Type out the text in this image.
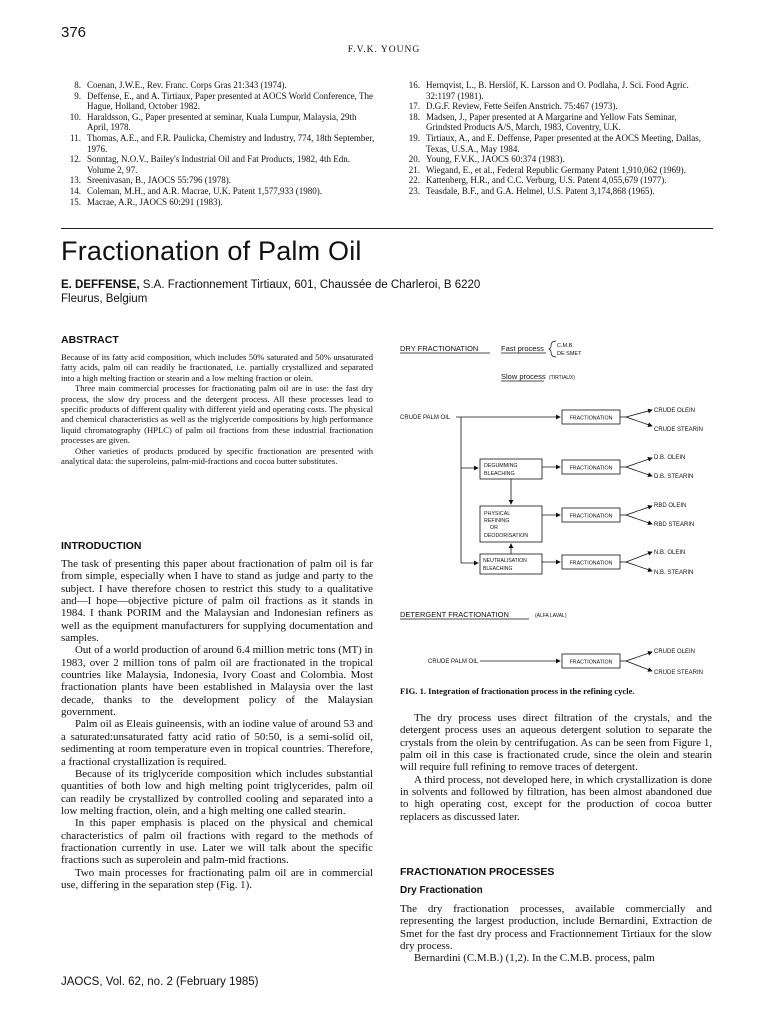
376
F.V.K. YOUNG
8. Coenan, J.W.E., Rev. Franc. Corps Gras 21:343 (1974).
9. Deffense, E., and A. Tirtiaux, Paper presented at AOCS World Conference, The Hague, Holland, October 1982.
10. Haraldsson, G., Paper presented at seminar, Kuala Lumpur, Malaysia, 29th April, 1978.
11. Thomas, A.E., and F.R. Paulicka, Chemistry and Industry, 774, 18th September, 1976.
12. Sonntag, N.O.V., Bailey's Industrial Oil and Fat Products, 1982, 4th Edn. Volume 2, 97.
13. Sreenivasan, B., JAOCS 55:796 (1978).
14. Coleman, M.H., and A.R. Macrae, U.K. Patent 1,577,933 (1980).
15. Macrae, A.R., JAOCS 60:291 (1983).
16. Hernqvist, L., B. Herslöf, K. Larsson and O. Podlaha, J. Sci. Food Agric. 32:1197 (1981).
17. D.G.F. Review, Fette Seifen Anstrich. 75:467 (1973).
18. Madsen, J., Paper presented at A Margarine and Yellow Fats Seminar, Grindsted Products A/S, March, 1983, Coventry, U.K.
19. Tirtiaux, A., and E. Deffense, Paper presented at the AOCS Meeting, Dallas, Texas, U.S.A., May 1984.
20. Young, F.V.K., JAOCS 60:374 (1983).
21. Wiegand, E., et al., Federal Republic Germany Patent 1,910,062 (1969).
22. Kattenberg, H.R., and C.C. Verburg, U.S. Patent 4,055,679 (1977).
23. Teasdale, B.F., and G.A. Helmel, U.S. Patent 3,174,868 (1965).
Fractionation of Palm Oil
E. DEFFENSE, S.A. Fractionnement Tirtiaux, 601, Chaussée de Charleroi, B 6220
Fleurus, Belgium
ABSTRACT

Because of its fatty acid composition, which includes 50% saturated and 50% unsaturated fatty acids, palm oil can readily be fractionated, i.e. partially crystallized and separated into a high melting fraction or stearin and a low melting fraction or olein.

Three main commercial processes for fractionating palm oil are in use: the fast dry process, the slow dry process and the detergent process. All these processes lead to specific products of different quality with different yield and operating costs. The physical and chemical characteristics as well as the triglyceride compositions by high performance liquid chromatography (HPLC) of palm oil fractions from these industrial fractionation processes are given.

Other varieties of products produced by specific fractionation are presented with analytical data: the superoleins, palm-mid-fractions and cocoa butter substitutes.

INTRODUCTION

The task of presenting this paper about fractionation of palm oil is far from simple, especially when I have to stand as judge and party to the subject. I have therefore chosen to restrict this study to a qualitative and—I hope—objective picture of palm oil fractions as it stands in 1984. I thank PORIM and the Malaysian and Indonesian refiners as well as the equipment manufacturers for supplying documentation and samples.

Out of a world production of around 6.4 million metric tons (MT) in 1983, over 2 million tons of palm oil are fractionated in the tropical countries like Malaysia, Indonesia, Ivory Coast and Colombia. Most fractionation plants have been established in Malaysia over the last decade, thanks to the development policy of the Malaysian government.

Palm oil as Eleais guineensis, with an iodine value of around 53 and a saturated:unsaturated fatty acid ratio of 50:50, is a semi-solid oil, sedimenting at room temperature even in tropical countries. Therefore, a fractional crystallization is required.

Because of its triglyceride composition which includes substantial quantities of both low and high melting point triglycerides, palm oil can readily be crystallized by controlled cooling and separated into a low melting fraction, olein, and a high melting one called stearin.

In this paper emphasis is placed on the physical and chemical characteristics of palm oil fractions with regard to the methods of fractionation currently in use. Later we will talk about the specific fractions such as superolein and palm-mid fractions.

Two main processes for fractionating palm oil are in commercial use, differing in the separation step (Fig. 1).

DRY FRACTIONATION	Fast process C.M.B.
DE SMET
Slow process (TIRTIAUX)
CRUDE PALM OIL	FRACTIONATION
CRUDE OLEIN
CRUDE STEARIN
DEGUMMING
BLEACHING
FRACTIONATION
D.B. OLEIN
D.B. STEARIN
PHYSICAL
REFINING
OR
DEODORISATION
FRACTIONATION
RBD OLEIN
RBD STEARIN
NEUTRALISATION
BLEACHING
FRACTIONATION
N.B. OLEIN
N.B. STEARIN
DETERGENT FRACTIONATION	(ALFA LAVAL)
CRUDE PALM OIL	FRACTIONATION
CRUDE OLEIN
CRUDE STEARIN
FIG. 1. Integration of fractionation process in the refining cycle.

The dry process uses direct filtration of the crystals, and the detergent process uses an aqueous detergent solution to separate the crystals from the olein by centrifugation. As can be seen from Figure 1, palm oil in this case is fractionated crude, since the olein and stearin will require full refining to remove traces of detergent.

A third process, not developed here, in which crystallization is done in solvents and followed by filtration, has been almost abandoned due to high operating cost, except for the production of cocoa butter replacers as discussed later.

FRACTIONATION PROCESSES
Dry Fractionation

The dry fractionation processes, available commercially and representing the largest production, include Bernardini, Extraction de Smet for the fast dry process and Fractionnement Tirtiaux for the slow dry process.

Bernardini (C.M.B.) (1,2). In the C.M.B. process, palm

JAOCS, Vol. 62, no. 2 (February 1985)
